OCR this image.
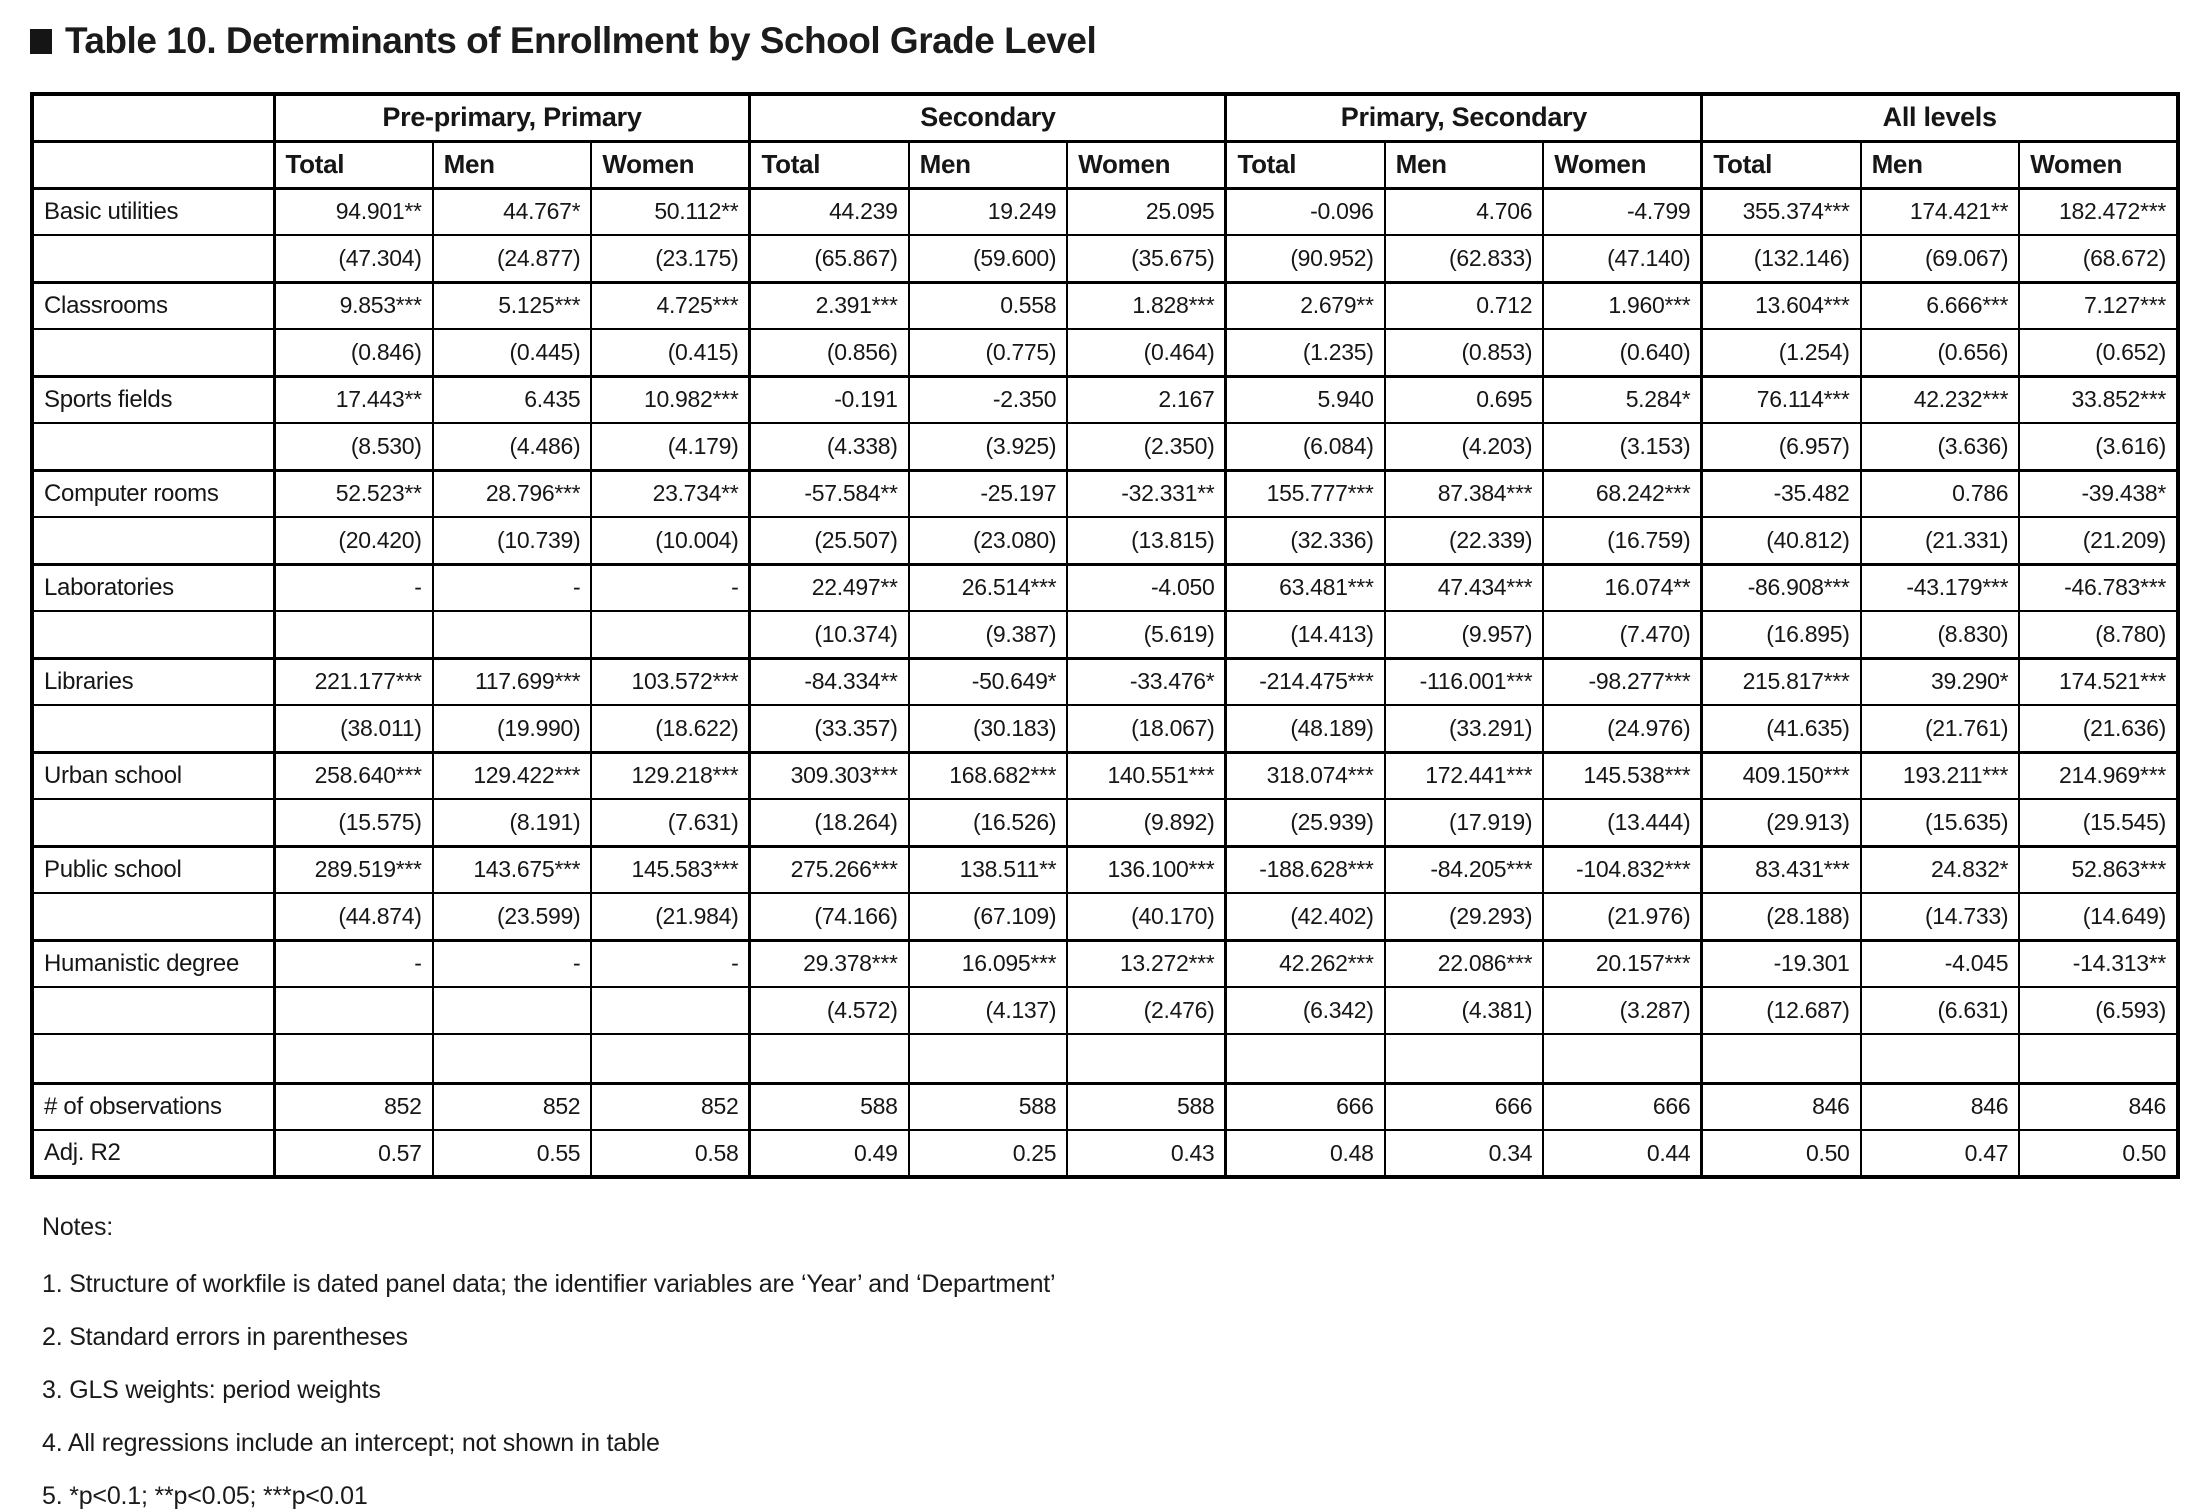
Table 10. Determinants of Enrollment by School Grade Level
	Pre-primary, Primary			Secondary			Primary, Secondary			All levels		
	Total	Men	Women	Total	Men	Women	Total	Men	Women	Total	Men	Women
Basic utilities	94.901**	44.767*	50.112**	44.239	19.249	25.095	-0.096	4.706	-4.799	355.374***	174.421**	182.472***
	(47.304)	(24.877)	(23.175)	(65.867)	(59.600)	(35.675)	(90.952)	(62.833)	(47.140)	(132.146)	(69.067)	(68.672)
Classrooms	9.853***	5.125***	4.725***	2.391***	0.558	1.828***	2.679**	0.712	1.960***	13.604***	6.666***	7.127***
	(0.846)	(0.445)	(0.415)	(0.856)	(0.775)	(0.464)	(1.235)	(0.853)	(0.640)	(1.254)	(0.656)	(0.652)
Sports fields	17.443**	6.435	10.982***	-0.191	-2.350	2.167	5.940	0.695	5.284*	76.114***	42.232***	33.852***
	(8.530)	(4.486)	(4.179)	(4.338)	(3.925)	(2.350)	(6.084)	(4.203)	(3.153)	(6.957)	(3.636)	(3.616)
Computer rooms	52.523**	28.796***	23.734**	-57.584**	-25.197	-32.331**	155.777***	87.384***	68.242***	-35.482	0.786	-39.438*
	(20.420)	(10.739)	(10.004)	(25.507)	(23.080)	(13.815)	(32.336)	(22.339)	(16.759)	(40.812)	(21.331)	(21.209)
Laboratories	-	-	-	22.497**	26.514***	-4.050	63.481***	47.434***	16.074**	-86.908***	-43.179***	-46.783***
				(10.374)	(9.387)	(5.619)	(14.413)	(9.957)	(7.470)	(16.895)	(8.830)	(8.780)
Libraries	221.177***	117.699***	103.572***	-84.334**	-50.649*	-33.476*	-214.475***	-116.001***	-98.277***	215.817***	39.290*	174.521***
	(38.011)	(19.990)	(18.622)	(33.357)	(30.183)	(18.067)	(48.189)	(33.291)	(24.976)	(41.635)	(21.761)	(21.636)
Urban school	258.640***	129.422***	129.218***	309.303***	168.682***	140.551***	318.074***	172.441***	145.538***	409.150***	193.211***	214.969***
	(15.575)	(8.191)	(7.631)	(18.264)	(16.526)	(9.892)	(25.939)	(17.919)	(13.444)	(29.913)	(15.635)	(15.545)
Public school	289.519***	143.675***	145.583***	275.266***	138.511**	136.100***	-188.628***	-84.205***	-104.832***	83.431***	24.832*	52.863***
	(44.874)	(23.599)	(21.984)	(74.166)	(67.109)	(40.170)	(42.402)	(29.293)	(21.976)	(28.188)	(14.733)	(14.649)
Humanistic degree	-	-	-	29.378***	16.095***	13.272***	42.262***	22.086***	20.157***	-19.301	-4.045	-14.313**
				(4.572)	(4.137)	(2.476)	(6.342)	(4.381)	(3.287)	(12.687)	(6.631)	(6.593)

# of observations	852	852	852	588	588	588	666	666	666	846	846	846
Adj. R2	0.57	0.55	0.58	0.49	0.25	0.43	0.48	0.34	0.44	0.50	0.47	0.50

Notes:

1. Structure of workfile is dated panel data; the identifier variables are ‘Year’ and ‘Department’

2. Standard errors in parentheses

3. GLS weights: period weights

4. All regressions include an intercept; not shown in table

5. *p<0.1; **p<0.05; ***p<0.01
